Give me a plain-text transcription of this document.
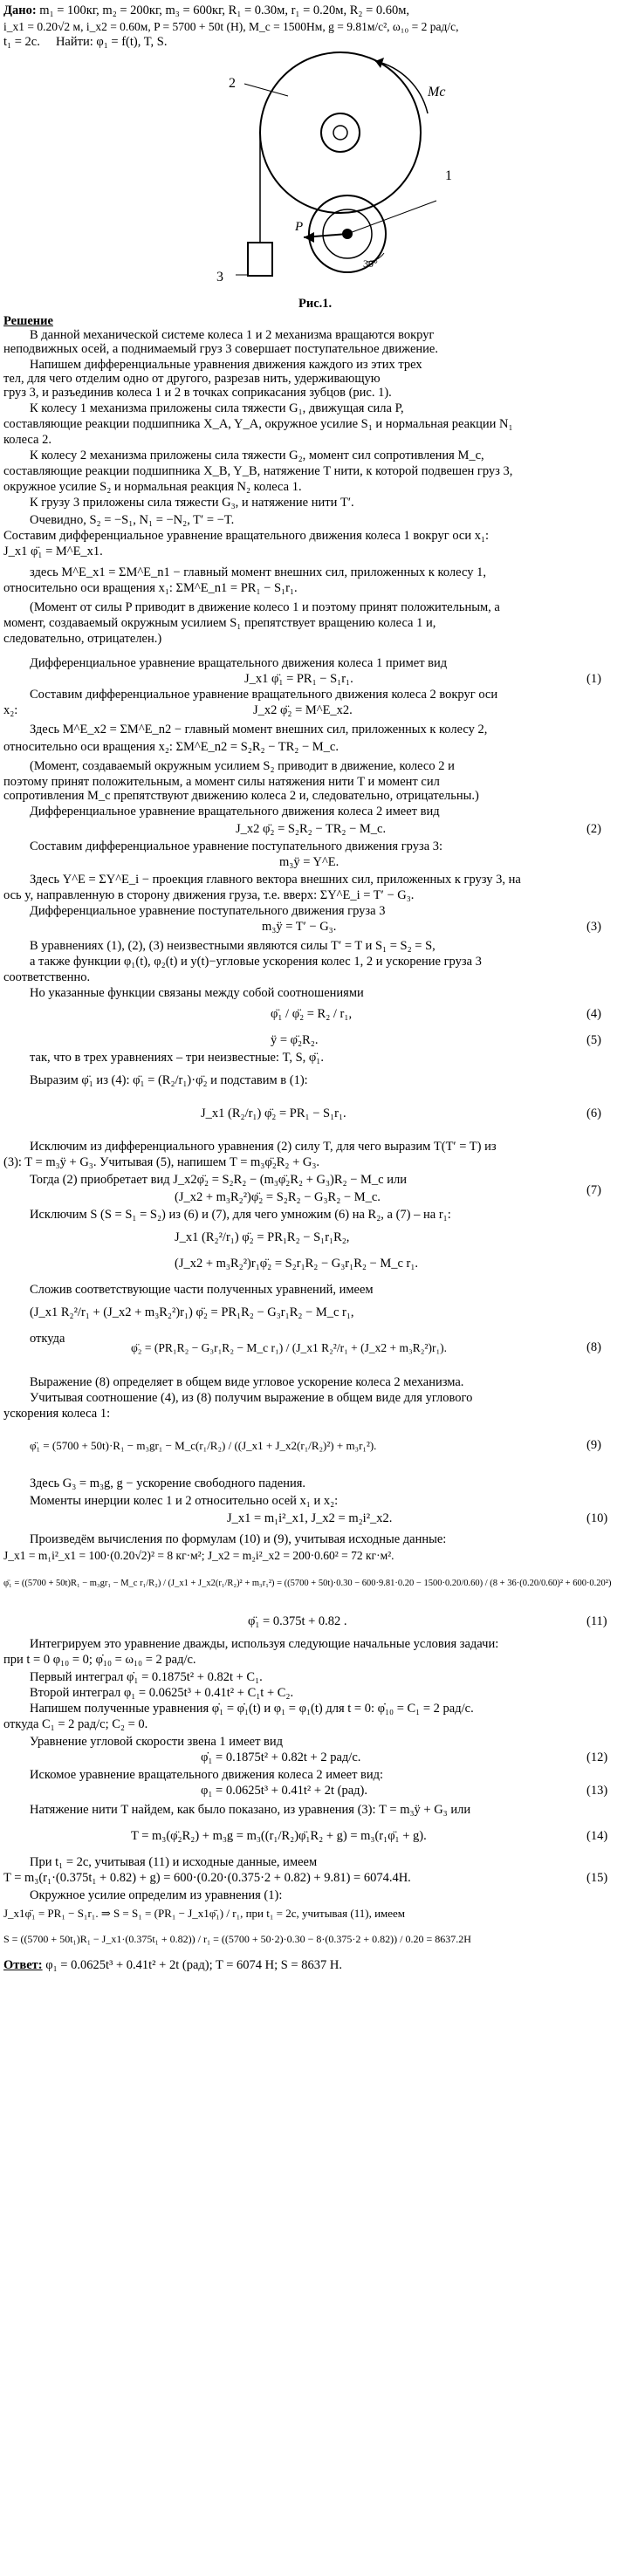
Дано: m₁ = 100кг, m₂ = 200кг, m₃ = 600кг, R₁ = 0.30м, r₁ = 0.20м, R₂ = 0.60м,
i_x1 = 0.20√2 м, i_x2 = 0.60м, P = 5700 + 50t (H), M_c = 1500Hм, g = 9.81м/с², ω₁₀ = 2 рад/с,
t₁ = 2с. Найти: φ₁ = f(t), T, S.
Mc
2
1
3
P
30°
Рис.1.
Решение
В данной механической системе колеса 1 и 2 механизма вращаются вокруг
неподвижных осей, а поднимаемый груз 3 совершает поступательное движение.
Напишем дифференциальные уравнения движения каждого из этих трех
тел, для чего отделим одно от другого, разрезав нить, удерживающую
груз 3, и разъединив колеса 1 и 2 в точках соприкасания зубцов (рис. 1).
К колесу 1 механизма приложены сила тяжести G₁, движущая сила P,
составляющие реакции подшипника X_A, Y_A, окружное усилие S₁ и нормальная реакции N₁
колеса 2.
К колесу 2 механизма приложены сила тяжести G₂, момент сил сопротивления M_c,
составляющие реакции подшипника X_B, Y_B, натяжение T нити, к которой подвешен груз 3,
окружное усилие S₂ и нормальная реакция N₂ колеса 1.
К грузу 3 приложены сила тяжести G₃, и натяжение нити T′.
Очевидно, S₂ = −S₁, N₁ = −N₂, T′ = −T.
Составим дифференциальное уравнение вращательного движения колеса 1 вокруг оси x₁:
J_x1 φ̈₁ = M^E_x1.
здесь M^E_x1 = ΣM^E_n1 − главный момент внешних сил, приложенных к колесу 1,
относительно оси вращения x₁: ΣM^E_n1 = PR₁ − S₁r₁.
(Момент от силы P приводит в движение колесо 1 и поэтому принят положительным, а
момент, создаваемый окружным усилием S₁ препятствует вращению колеса 1 и,
следовательно, отрицателен.)
Дифференциальное уравнение вращательного движения колеса 1 примет вид
J_x1 φ̈₁ = PR₁ − S₁r₁.	(1)
Составим дифференциальное уравнение вращательного движения колеса 2 вокруг оси
x₂:	J_x2 φ̈₂ = M^E_x2.
Здесь M^E_x2 = ΣM^E_n2 − главный момент внешних сил, приложенных к колесу 2,
относительно оси вращения x₂: ΣM^E_n2 = S₂R₂ − TR₂ − M_c.
(Момент, создаваемый окружным усилием S₂ приводит в движение, колесо 2 и
поэтому принят положительным, а момент силы натяжения нити T и момент сил
сопротивления M_c препятствуют движению колеса 2 и, следовательно, отрицательны.)
Дифференциальное уравнение вращательного движения колеса 2 имеет вид
J_x2 φ̈₂ = S₂R₂ − TR₂ − M_c.	(2)
Составим дифференциальное уравнение поступательного движения груза 3:
m₃ÿ = Y^E.
Здесь Y^E = ΣY^E_i − проекция главного вектора внешних сил, приложенных к грузу 3, на
ось y, направленную в сторону движения груза, т.е. вверх: ΣY^E_i = T′ − G₃.
Дифференциальное уравнение поступательного движения груза 3
m₃ÿ = T′ − G₃.	(3)
В уравнениях (1), (2), (3) неизвестными являются силы T′ = T и S₁ = S₂ = S,
а также функции φ₁(t), φ₂(t) и y(t)−угловые ускорения колес 1, 2 и ускорение груза 3
соответственно.
Но указанные функции связаны между собой соотношениями
φ̈₁ / φ̈₂ = R₂ / r₁,	(4)
ÿ = φ̈₂R₂.	(5)
так, что в трех уравнениях – три неизвестные: T, S, φ̈₁.
Выразим φ̈₁ из (4): φ̈₁ = (R₂/r₁)·φ̈₂ и подставим в (1):
J_x1 (R₂/r₁) φ̈₂ = PR₁ − S₁r₁.	(6)
Исключим из дифференциального уравнения (2) силу T, для чего выразим T(T′ = T) из
(3): T = m₃ÿ + G₃. Учитывая (5), напишем T = m₃φ̈₂R₂ + G₃.
Тогда (2) приобретает вид J_x2φ̈₂ = S₂R₂ − (m₃φ̈₂R₂ + G₃)R₂ − M_c или
(J_x2 + m₃R₂²)φ̈₂ = S₂R₂ − G₃R₂ − M_c.	(7)
Исключим S (S = S₁ = S₂) из (6) и (7), для чего умножим (6) на R₂, а (7) – на r₁:
J_x1 (R₂²/r₁) φ̈₂ = PR₁R₂ − S₁r₁R₂,
(J_x2 + m₃R₂²)r₁φ̈₂ = S₂r₁R₂ − G₃r₁R₂ − M_c r₁.
Сложив соответствующие части полученных уравнений, имеем
(J_x1 R₂²/r₁ + (J_x2 + m₃R₂²)r₁) φ̈₂ = PR₁R₂ − G₃r₁R₂ − M_c r₁,
откуда
φ̈₂ = (PR₁R₂ − G₃r₁R₂ − M_c r₁) / (J_x1 R₂²/r₁ + (J_x2 + m₃R₂²)r₁).	(8)
Выражение (8) определяет в общем виде угловое ускорение колеса 2 механизма.
Учитывая соотношение (4), из (8) получим выражение в общем виде для углового
ускорения колеса 1:
φ̈₁ = (5700 + 50t)·R₁ − m₃gr₁ − M_c(r₁/R₂) / ((J_x1 + J_x2(r₁/R₂)²) + m₃r₁²).	(9)
Здесь G₃ = m₃g, g − ускорение свободного падения.
Моменты инерции колес 1 и 2 относительно осей x₁ и x₂:
J_x1 = m₁i²_x1, J_x2 = m₂i²_x2.	(10)
Произведём вычисления по формулам (10) и (9), учитывая исходные данные:
J_x1 = m₁i²_x1 = 100·(0.20√2)² = 8 кг·м²; J_x2 = m₂i²_x2 = 200·0.60² = 72 кг·м².
φ̈₁ = ((5700 + 50t)R₁ − m₃gr₁ − M_c r₁/R₂) / (J_x1 + J_x2(r₁/R₂)² + m₃r₁²) = ((5700 + 50t)·0.30 − 600·9.81·0.20 − 1500·0.20/0.60) / (8 + 36·(0.20/0.60)² + 600·0.20²)
φ̈₁ = 0.375t + 0.82 .	(11)
Интегрируем это уравнение дважды, используя следующие начальные условия задачи:
при t = 0 φ₁₀ = 0; φ̇₁₀ = ω₁₀ = 2 рад/с.
Первый интеграл φ̇₁ = 0.1875t² + 0.82t + C₁.
Второй интеграл φ₁ = 0.0625t³ + 0.41t² + C₁t + C₂.
Напишем полученные уравнения φ̇₁ = φ̇₁(t) и φ₁ = φ₁(t) для t = 0: φ̇₁₀ = C₁ = 2 рад/с.
откуда C₁ = 2 рад/с; C₂ = 0.
Уравнение угловой скорости звена 1 имеет вид
φ̇₁ = 0.1875t² + 0.82t + 2 рад/с.	(12)
Искомое уравнение вращательного движения колеса 2 имеет вид:
φ₁ = 0.0625t³ + 0.41t² + 2t (рад).	(13)
Натяжение нити T найдем, как было показано, из уравнения (3): T = m₃ÿ + G₃ или
T = m₃(φ̈₂R₂) + m₃g = m₃((r₁/R₂)φ̈₁R₂ + g) = m₃(r₁φ̈₁ + g).	(14)
При t₁ = 2с, учитывая (11) и исходные данные, имеем
T = m₃(r₁·(0.375t₁ + 0.82) + g) = 600·(0.20·(0.375·2 + 0.82) + 9.81) = 6074.4H.	(15)
Окружное усилие определим из уравнения (1):
J_x1φ̈₁ = PR₁ − S₁r₁. ⇒ S = S₁ = (PR₁ − J_x1φ̈₁) / r₁, при t₁ = 2с, учитывая (11), имеем
S = ((5700 + 50t₁)R₁ − J_x1·(0.375t₁ + 0.82)) / r₁ = ((5700 + 50·2)·0.30 − 8·(0.375·2 + 0.82)) / 0.20 = 8637.2H
Ответ: φ₁ = 0.0625t³ + 0.41t² + 2t (рад); T = 6074 H; S = 8637 H.
